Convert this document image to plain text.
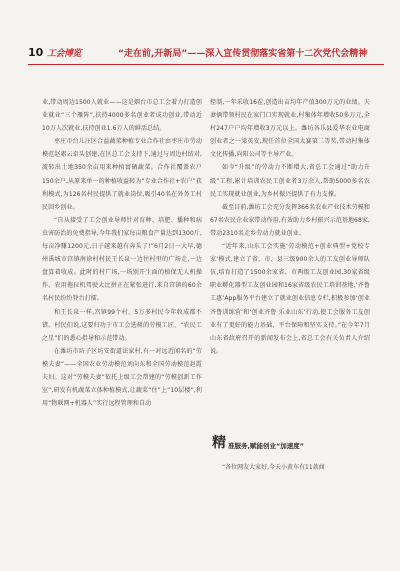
10 工会博览	“走在前,开新局”——深入宣传贯彻落实省第十二次党代会精神

业,带动周边1500人就业——这是烟台市总工会着力打造创业就业“三个雁阵”,扶持4000多名创业者成功创业,带动近10万人次就业,扶持创业1.6万人的鲜活总结。

枣庄市台儿庄区合益蔬菜种植专业合作社由枣庄市劳动模范赵素云牵头创建,在区总工会支持下,通过与周边村结对,流转出土地350余亩用来种植富硒蔬菜。合作社覆盖农户150余户,从原来单一的种植收益转为“专业合作社+农户”获利模式,为126名村民提供了就业岗位,吸引40名在外务工村民回乡创业。

“自从接受了工会创业导师针对育种、培肥、播种和病虫害防治的免费指导,今年我们家每亩粮食产量达到1300斤,每亩净赚1200元,日子越来越有奔头了!”6月2日一大早,德州禹城市宫镇南徐村村民王长泉一边往村里的广场走,一边盘算着收成。此时的村广场,一场别开生面的植保无人机操作、农用拖拉机驾驶大比拼正在紧张进行,来自宫镇的60余名村民纷纷登台打擂。

和王长泉一样,宫镇99个村、5万多村民今年收成都不错。村民们说,这要归功于市工会选树的劳模工匠、“农民工之星”们的悉心指导和示范带动。

在潍坊市坊子区坊安街道法家村,有一对远近闻名的“劳模夫妻”——全国农业劳动模范刘向东和全国劳动模范赵霞夫妇。这对“劳模夫妻”依托上级工会帮建的“劳模创新工作室”,研发有机蔬菜立体种植模式,让蔬菜“住”上“10层楼”,利用“物联网+机器人”实行远程管理和自动

控制,一年采收16茬,创造出亩均年产值300万元的业绩。夫妻俩带领村民在家门口实现就业,村集体年增收50多万元,全村247户户均年增收3万元以上。潍坊各乐县爱华农业电商创业者之一梁英安,现任首位全国大赛第二等奖,带动村集体文化传播,向阳公司等主导产业。

如今“升级”的劳动力不断增大,省总工会通过“助力升级”工程,累计培训农民工创业者3万余人,帮助5000多名农民工实现就业创业,为乡村振兴提供了有力支撑。

截至目前,潍坊工会充分发挥366名农业产业技术劳模和67名农民企业家带动作用,有效助力乡村振兴示范基地68家,带动2310名走乡劳动力就业创业。

“近年来,山东工会实施‘劳动模范+创业典型+党校专家’模式,建立了省、市、县三级900余人的工友创业导师队伍,培育打造了1500余家省、市两级工友创业园,30家省级职业孵化器型工友创业园和16家省级农民工培训基地,‘齐鲁工惠’App服务平台建立了就业创业信息专栏,积极参加‘创业齐鲁训练营’和‘创业齐鲁 乐业山东’行动,使工会服务工友创业有了更好的能力基础、平台保障和坚实支持。”在今年7月山东省政府召开的新闻发布会上,省总工会有关负责人介绍说。

精 准服务,赋能创业“加速度”
“各位网友大家好,今天小黄车有11款商
